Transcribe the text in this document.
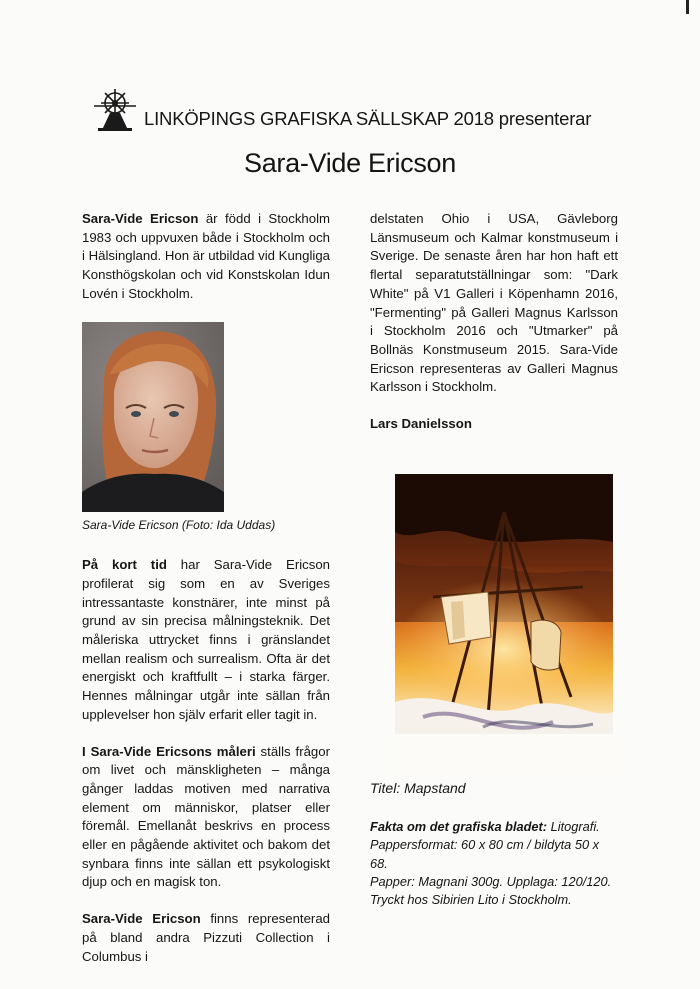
LINKÖPINGS GRAFISKA SÄLLSKAP 2018 presenterar
Sara-Vide Ericson

Sara-Vide Ericson är född i Stockholm 1983 och uppvuxen både i Stockholm och i Hälsingland. Hon är utbildad vid Kungliga Konsthögskolan och vid Konstskolan Idun Lovén i Stockholm.

Sara-Vide Ericson (Foto: Ida Uddas)

På kort tid har Sara-Vide Ericson profilerat sig som en av Sveriges intressantaste konstnärer, inte minst på grund av sin precisa målningsteknik. Det måleriska uttrycket finns i gränslandet mellan realism och surrealism. Ofta är det energiskt och kraftfullt – i starka färger. Hennes målningar utgår inte sällan från upplevelser hon själv erfarit eller tagit in.

I Sara-Vide Ericsons måleri ställs frågor om livet och mänskligheten – många gånger laddas motiven med narrativa element om människor, platser eller föremål. Emellanåt beskrivs en process eller en pågående aktivitet och bakom det synbara finns inte sällan ett psykologiskt djup och en magisk ton.

Sara-Vide Ericson finns representerad på bland andra Pizzuti Collection i Columbus i

delstaten Ohio i USA, Gävleborg Länsmuseum och Kalmar konstmuseum i Sverige. De senaste åren har hon haft ett flertal separatutställningar som: "Dark White" på V1 Galleri i Köpenhamn 2016, "Fermenting" på Galleri Magnus Karlsson i Stockholm 2016 och "Utmarker" på Bollnäs Konstmuseum 2015. Sara-Vide Ericson representeras av Galleri Magnus Karlsson i Stockholm.

Lars Danielsson

Titel: Mapstand
Fakta om det grafiska bladet: Litografi.
Pappersformat: 60 x 80 cm / bildyta 50 x 68.
Papper: Magnani 300g. Upplaga: 120/120.
Tryckt hos Sibirien Lito i Stockholm.
